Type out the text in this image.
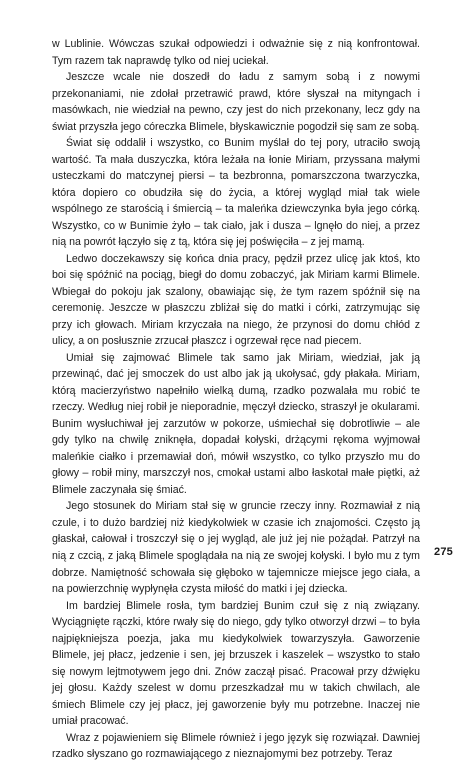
w Lublinie. Wówczas szukał odpowiedzi i odważnie się z nią konfrontował. Tym razem tak naprawdę tylko od niej uciekał.

Jeszcze wcale nie doszedł do ładu z samym sobą i z nowymi przekonaniami, nie zdołał przetrawić prawd, które słyszał na mityngach i masówkach, nie wiedział na pewno, czy jest do nich przekonany, lecz gdy na świat przyszła jego córeczka Blimele, błyskawicznie pogodził się sam ze sobą.

Świat się oddalił i wszystko, co Bunim myślał do tej pory, utraciło swoją wartość. Ta mała duszyczka, która leżała na łonie Miriam, przyssana małymi usteczkami do matczynej piersi – ta bezbronna, pomarszczona twarzyczka, która dopiero co obudziła się do życia, a której wygląd miał tak wiele wspólnego ze starością i śmiercią – ta maleńka dziewczynka była jego córką. Wszystko, co w Bunimie żyło – tak ciało, jak i dusza – lgnęło do niej, a przez nią na powrót łączyło się z tą, która się jej poświęciła – z jej mamą.

Ledwo doczekawszy się końca dnia pracy, pędził przez ulicę jak ktoś, kto boi się spóźnić na pociąg, biegł do domu zobaczyć, jak Miriam karmi Blimele. Wbiegał do pokoju jak szalony, obawiając się, że tym razem spóźnił się na ceremonię. Jeszcze w płaszczu zbliżał się do matki i córki, zatrzymując się przy ich głowach. Miriam krzyczała na niego, że przynosi do domu chłód z ulicy, a on posłusznie zrzucał płaszcz i ogrzewał ręce nad piecem.

Umiał się zajmować Blimele tak samo jak Miriam, wiedział, jak ją przewinąć, dać jej smoczek do ust albo jak ją ukołysać, gdy płakała. Miriam, którą macierzyństwo napełniło wielką dumą, rzadko pozwalała mu robić te rzeczy. Według niej robił je nieporadnie, męczył dziecko, straszył je okularami. Bunim wysłuchiwał jej zarzutów w pokorze, uśmiechał się dobrotliwie – ale gdy tylko na chwilę zniknęła, dopadał kołyski, drżącymi rękoma wyjmował maleńkie ciałko i przemawiał doń, mówił wszystko, co tylko przyszło mu do głowy – robił miny, marszczył nos, cmokał ustami albo łaskotał małe piętki, aż Blimele zaczynała się śmiać.

Jego stosunek do Miriam stał się w gruncie rzeczy inny. Rozmawiał z nią czule, i to dużo bardziej niż kiedykolwiek w czasie ich znajomości. Często ją głaskał, całował i troszczył się o jej wygląd, ale już jej nie pożądał. Patrzył na nią z czcią, z jaką Blimele spoglądała na nią ze swojej kołyski. I było mu z tym dobrze. Namiętność schowała się głęboko w tajemnicze miejsce jego ciała, a na powierzchnię wypłynęła czysta miłość do matki i jej dziecka.

Im bardziej Blimele rosła, tym bardziej Bunim czuł się z nią związany. Wyciągnięte rączki, które rwały się do niego, gdy tylko otworzył drzwi – to była najpiękniejsza poezja, jaka mu kiedykolwiek towarzyszyła. Gaworzenie Blimele, jej płacz, jedzenie i sen, jej brzuszek i kaszelek – wszystko to stało się nowym lejtmotywem jego dni. Znów zaczął pisać. Pracował przy dźwięku jej głosu. Każdy szelest w domu przeszkadzał mu w takich chwilach, ale śmiech Blimele czy jej płacz, jej gaworzenie były mu potrzebne. Inaczej nie umiał pracować.

Wraz z pojawieniem się Blimele również i jego język się rozwiązał. Dawniej rzadko słyszano go rozmawiającego z nieznajomymi bez potrzeby. Teraz

275
